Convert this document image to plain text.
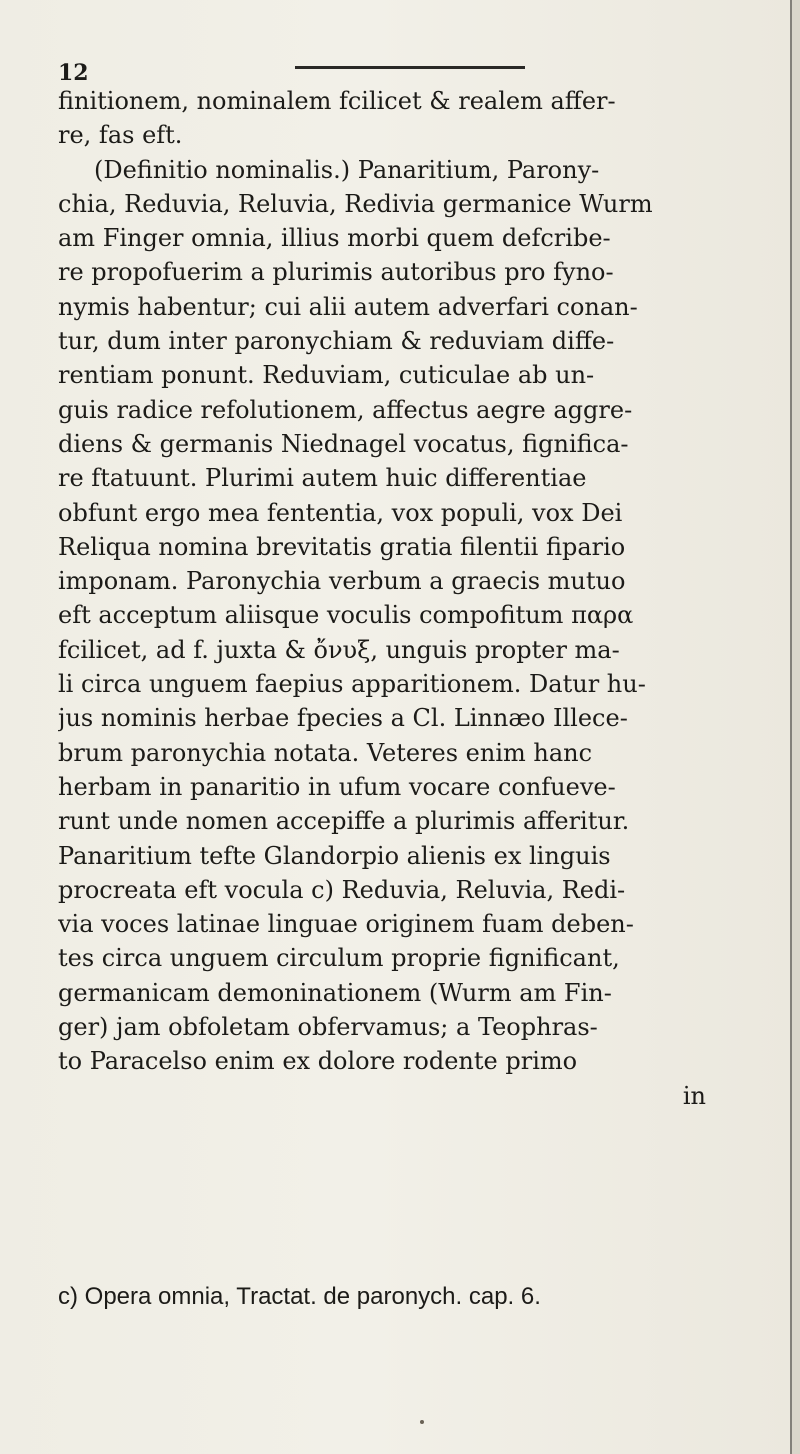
12
finitionem, nominalem fcilicet & realem affer-
re, fas eft.
(Definitio nominalis.) Panaritium, Parony-
chia, Reduvia, Reluvia, Redivia germanice Wurm
am Finger omnia, illius morbi quem defcribe-
re propofuerim a plurimis autoribus pro fyno-
nymis habentur; cui alii autem adverfari conan-
tur, dum inter paronychiam & reduviam diffe-
rentiam ponunt. Reduviam, cuticulae ab un-
guis radice refolutionem, affectus aegre aggre-
diens & germanis Niednagel vocatus, fignifica-
re ftatuunt. Plurimi autem huic differentiae
obfunt ergo mea fententia, vox populi, vox Dei
Reliqua nomina brevitatis gratia filentii fipario
imponam. Paronychia verbum a graecis mutuo
eft acceptum aliisque voculis compofitum παρα
fcilicet, ad f. juxta & ὄνυξ, unguis propter ma-
li circa unguem faepius apparitionem. Datur hu-
jus nominis herbae fpecies a Cl. Linnæo Illece-
brum paronychia notata. Veteres enim hanc
herbam in panaritio in ufum vocare confueve-
runt unde nomen accepiffe a plurimis afferitur.
Panaritium tefte Glandorpio alienis ex linguis
procreata eft vocula c) Reduvia, Reluvia, Redi-
via voces latinae linguae originem fuam deben-
tes circa unguem circulum proprie fignificant,
germanicam demoninationem (Wurm am Fin-
ger) jam obfoletam obfervamus; a Teophras-
to Paracelso enim ex dolore rodente primo
in
c) Opera omnia, Tractat. de paronych. cap. 6.
